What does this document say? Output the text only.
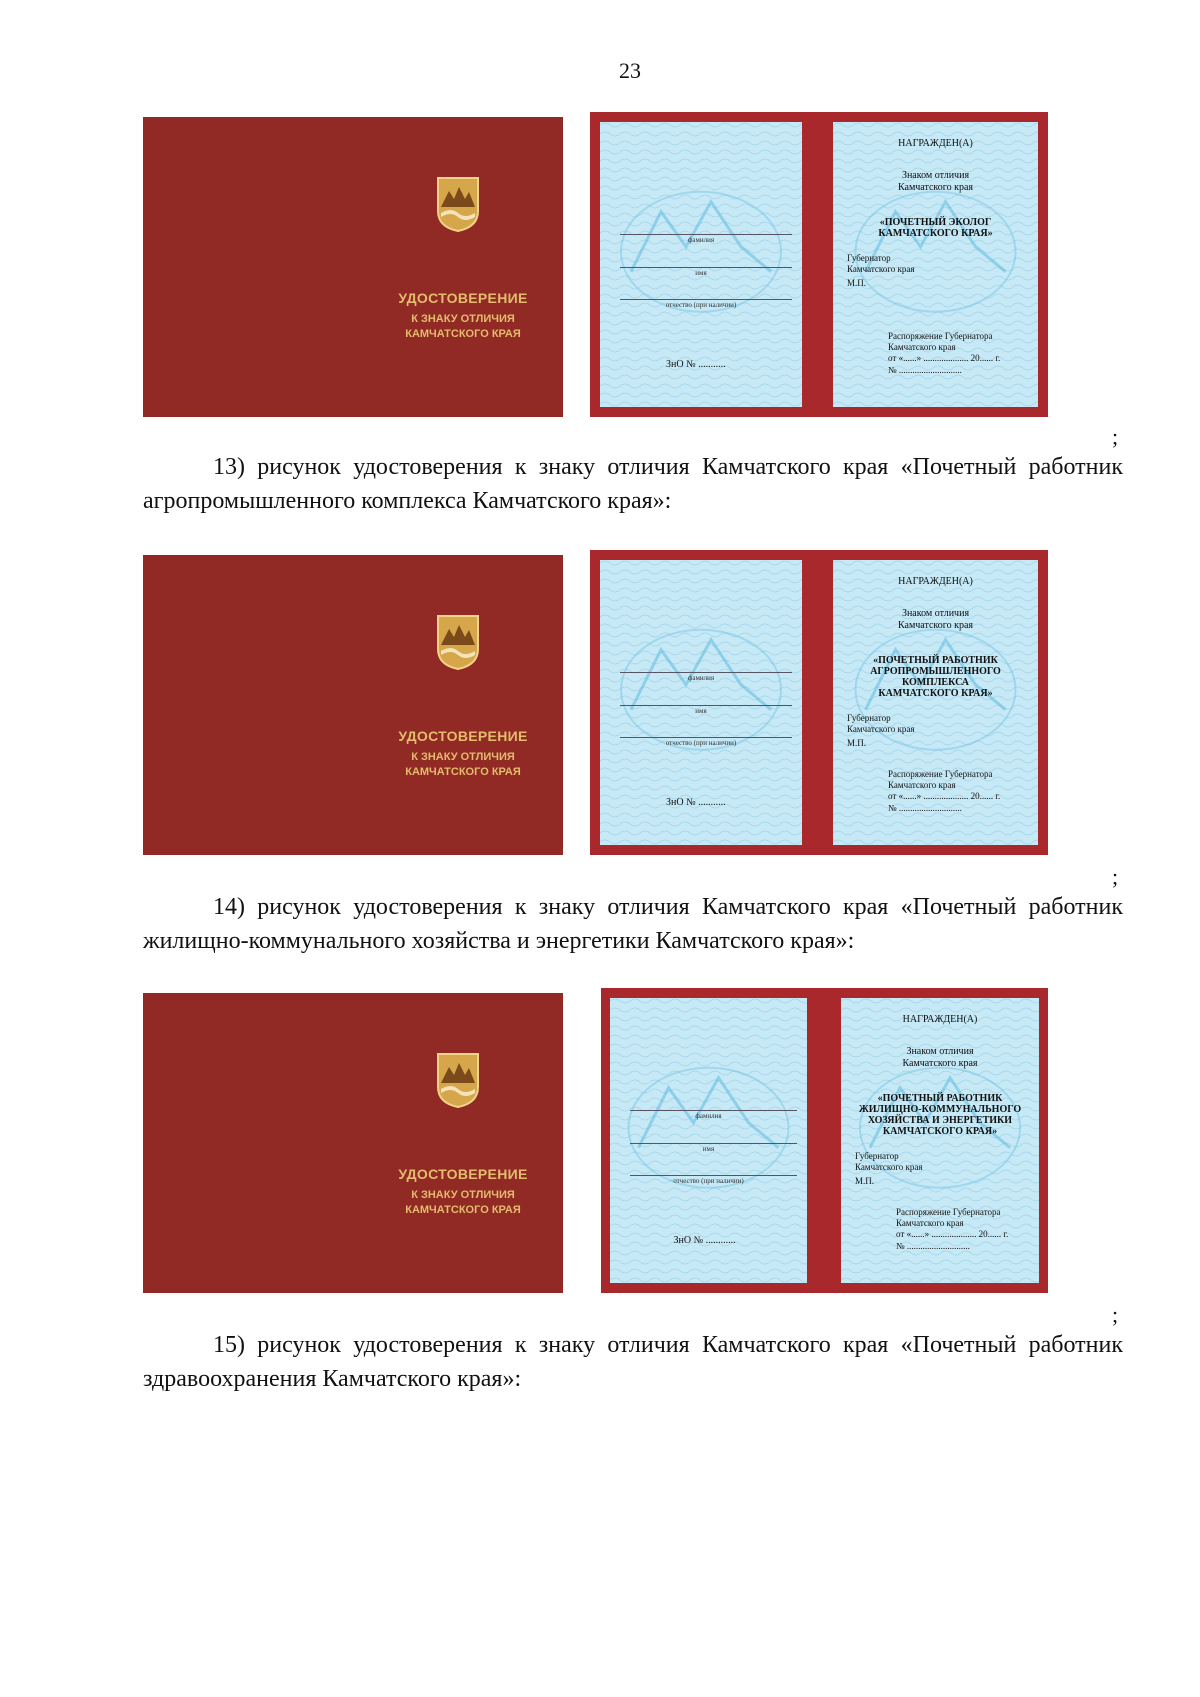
23
УДОСТОВЕРЕНИЕ
К ЗНАКУ ОТЛИЧИЯ
КАМЧАТСКОГО КРАЯ
фамилия
имя
отчество (при наличии)
ЗнО № ...........
НАГРАЖДЕН(А)
Знаком отличия
Камчатского края
«ПОЧЕТНЫЙ ЭКОЛОГ
КАМЧАТСКОГО КРАЯ»
Губернатор
Камчатского края
М.П.
Распоряжение Губернатора
Камчатского края
от «......» .................... 20...... г.
№ ............................
;
УДОСТОВЕРЕНИЕ
К ЗНАКУ ОТЛИЧИЯ
КАМЧАТСКОГО КРАЯ
фамилия
имя
отчество (при наличии)
ЗнО № ...........
НАГРАЖДЕН(А)
Знаком отличия
Камчатского края
«ПОЧЕТНЫЙ РАБОТНИК
АГРОПРОМЫШЛЕННОГО
КОМПЛЕКСА
КАМЧАТСКОГО КРАЯ»
Губернатор
Камчатского края
М.П.
Распоряжение Губернатора
Камчатского края
от «......» .................... 20...... г.
№ ............................
;
УДОСТОВЕРЕНИЕ
К ЗНАКУ ОТЛИЧИЯ
КАМЧАТСКОГО КРАЯ
фамилия
имя
отчество (при наличии)
ЗнО № ............
НАГРАЖДЕН(А)
Знаком отличия
Камчатского края
«ПОЧЕТНЫЙ РАБОТНИК
ЖИЛИЩНО-КОММУНАЛЬНОГО
ХОЗЯЙСТВА И ЭНЕРГЕТИКИ
КАМЧАТСКОГО КРАЯ»
Губернатор
Камчатского края
М.П.
Распоряжение Губернатора
Камчатского края
от «......» .................... 20...... г.
№ ............................
;
13) рисунок удостоверения к знаку отличия Камчатского края «Почетный работник агропромышленного комплекса Камчатского края»:
14) рисунок удостоверения к знаку отличия Камчатского края «Почетный работник жилищно-коммунального хозяйства и энергетики Камчатского края»:
15) рисунок удостоверения к знаку отличия Камчатского края «Почетный работник здравоохранения Камчатского края»:
